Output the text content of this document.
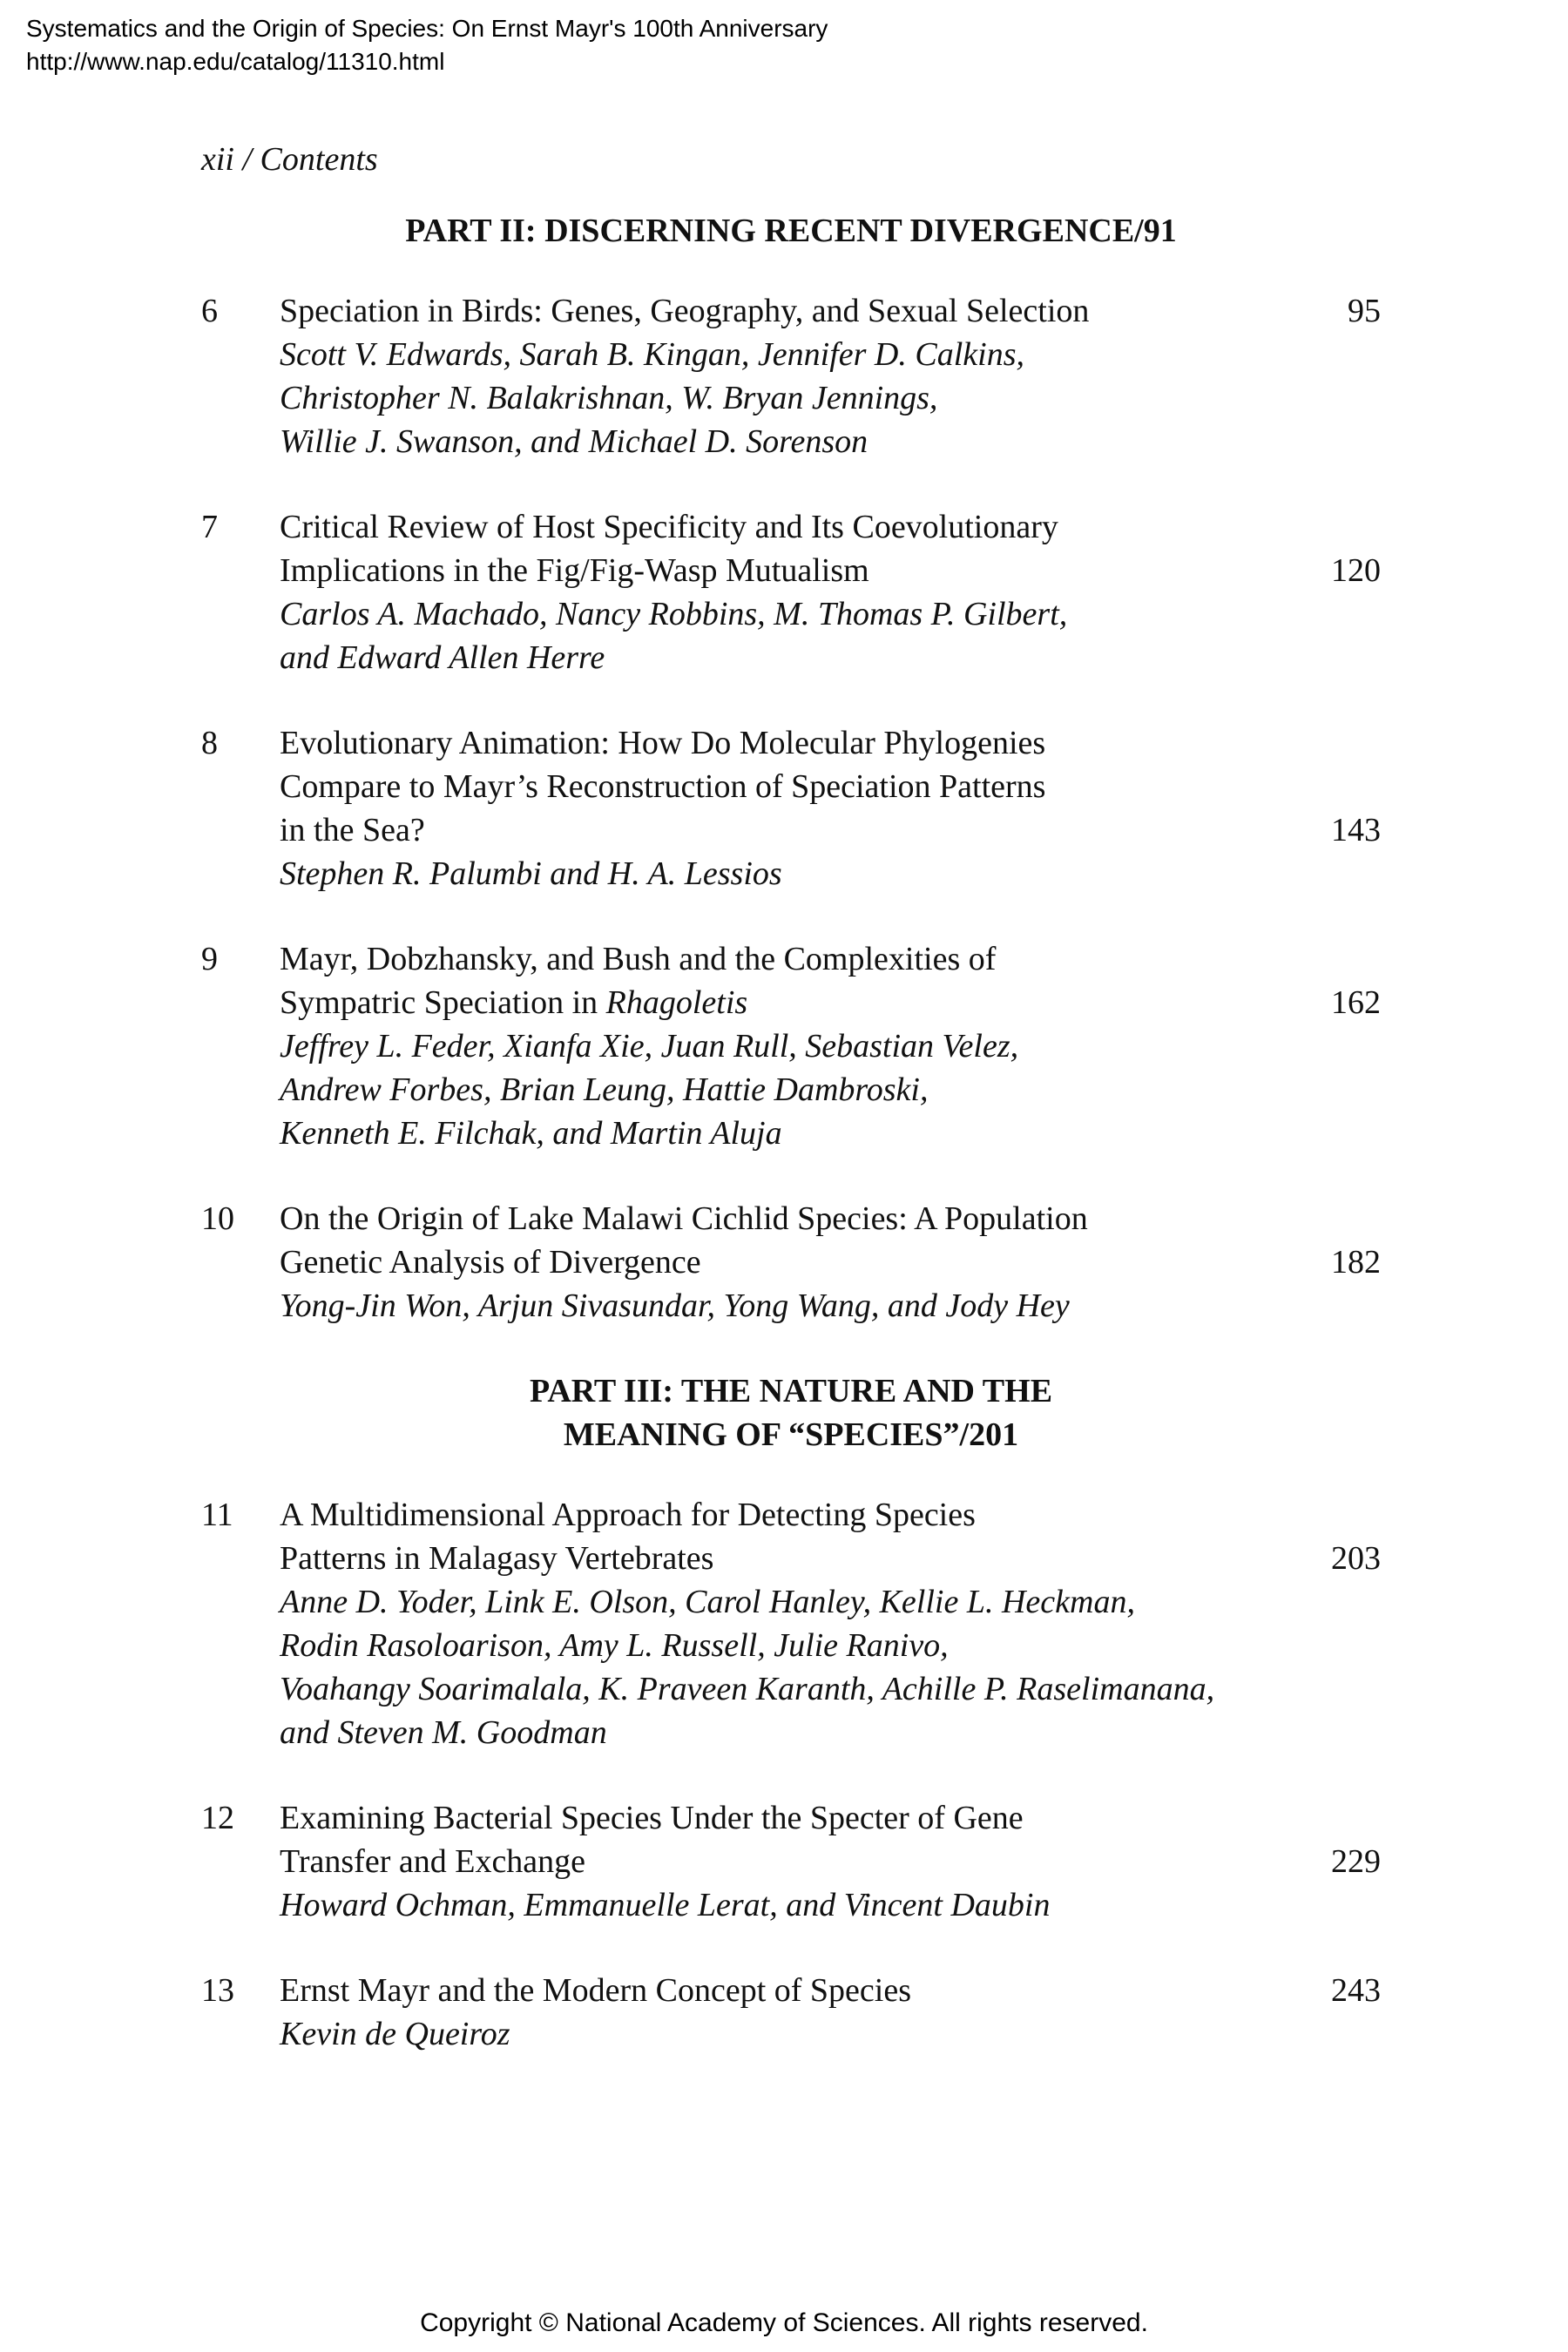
Systematics and the Origin of Species: On Ernst Mayr's 100th Anniversary
http://www.nap.edu/catalog/11310.html
xii / Contents
PART II: DISCERNING RECENT DIVERGENCE/91
6	Speciation in Birds: Genes, Geography, and Sexual Selection	95
Scott V. Edwards, Sarah B. Kingan, Jennifer D. Calkins,
Christopher N. Balakrishnan, W. Bryan Jennings,
Willie J. Swanson, and Michael D. Sorenson
7	Critical Review of Host Specificity and Its Coevolutionary
Implications in the Fig/Fig-Wasp Mutualism	120
Carlos A. Machado, Nancy Robbins, M. Thomas P. Gilbert,
and Edward Allen Herre
8	Evolutionary Animation: How Do Molecular Phylogenies
Compare to Mayr’s Reconstruction of Speciation Patterns
in the Sea?	143
Stephen R. Palumbi and H. A. Lessios
9	Mayr, Dobzhansky, and Bush and the Complexities of
Sympatric Speciation in Rhagoletis	162
Jeffrey L. Feder, Xianfa Xie, Juan Rull, Sebastian Velez,
Andrew Forbes, Brian Leung, Hattie Dambroski,
Kenneth E. Filchak, and Martin Aluja
10	On the Origin of Lake Malawi Cichlid Species: A Population
Genetic Analysis of Divergence	182
Yong-Jin Won, Arjun Sivasundar, Yong Wang, and Jody Hey
PART III: THE NATURE AND THE
MEANING OF “SPECIES”/201
11	A Multidimensional Approach for Detecting Species
Patterns in Malagasy Vertebrates	203
Anne D. Yoder, Link E. Olson, Carol Hanley, Kellie L. Heckman,
Rodin Rasoloarison, Amy L. Russell, Julie Ranivo,
Voahangy Soarimalala, K. Praveen Karanth, Achille P. Raselimanana,
and Steven M. Goodman
12	Examining Bacterial Species Under the Specter of Gene
Transfer and Exchange	229
Howard Ochman, Emmanuelle Lerat, and Vincent Daubin
13	Ernst Mayr and the Modern Concept of Species	243
Kevin de Queiroz
Copyright © National Academy of Sciences. All rights reserved.
